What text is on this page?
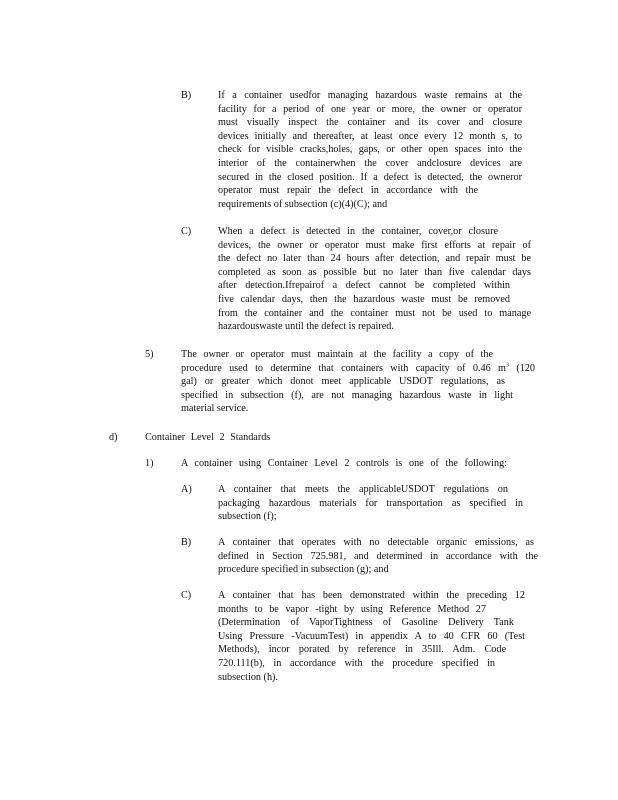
B)	If a container usedfor managing hazardous waste remains at the
facility for a period of one year or more, the owner or operator
must visually inspect the container and its cover and closure
devices initially and thereafter, at least once every 12 month s, to
check for visible cracks,holes, gaps, or other open spaces into the
interior of the containerwhen the cover andclosure devices are
secured in the closed position. If a defect is detected, the owneror
operator must repair the defect in accordance with the
requirements of subsection (c)(4)(C); and
C)	When a defect is detected in the container, cover,or closure
devices, the owner or operator must make first efforts at repair of
the defect no later than 24 hours after detection, and repair must be
completed as soon as possible but no later than five calendar days
after detection.Ifrepairof a defect cannot be completed within
five calendar days, then the hazardous waste must be removed
from the container and the container must not be used to manage
hazardouswaste until the defect is repaired.
5)	The owner or operator must maintain at the facility a copy of the
procedure used to determine that containers with capacity of 0.46 $m^3$ (120
gal) or greater which donot meet applicable USDOT regulations, as
specified in subsection (f), are not managing hazardous waste in light
material service.
d)	Container Level 2 Standards
1)	A container using Container Level 2 controls is one of the following:
A)	A container that meets the applicableUSDOT regulations on
packaging hazardous materials for transportation as specified in
subsection (f);
B)	A container that operates with no detectable organic emissions, as
defined in Section 725.981, and determined in accordance with the
procedure specified in subsection (g); and
C)	A container that has been demonstrated within the preceding 12
months to be vapor -tight by using Reference Method 27
(Determination of VaporTightness of Gasoline Delivery Tank
Using Pressure -VacuumTest) in appendix A to 40 CFR 60 (Test
Methods), incor porated by reference in 35Ill. Adm. Code
720.111(b), in accordance with the procedure specified in
subsection (h).
